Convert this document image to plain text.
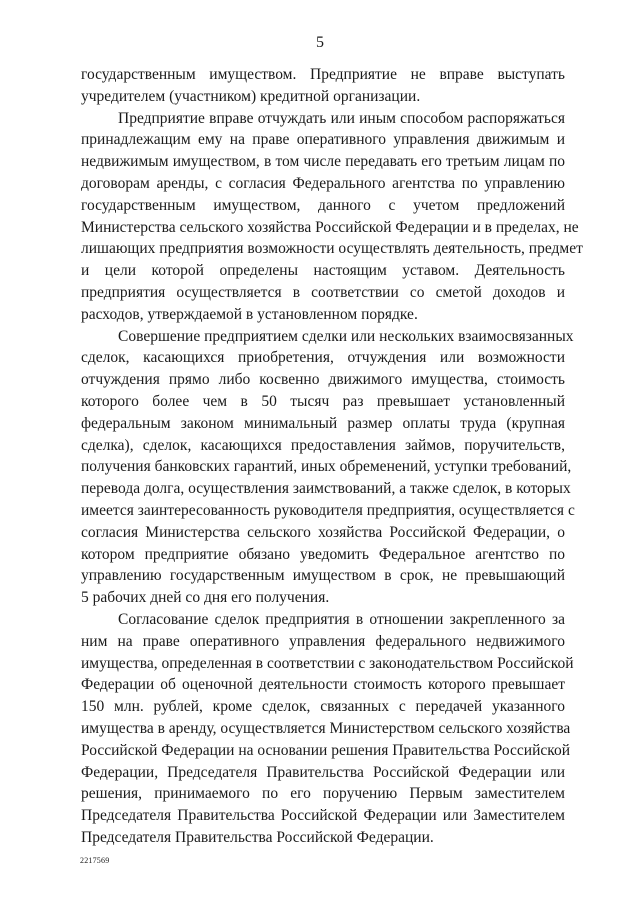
5

государственным имуществом. Предприятие не вправе выступать
учредителем (участником) кредитной организации.

Предприятие вправе отчуждать или иным способом распоряжаться
принадлежащим ему на праве оперативного управления движимым и
недвижимым имуществом, в том числе передавать его третьим лицам по
договорам аренды, с согласия Федерального агентства по управлению
государственным имуществом, данного с учетом предложений
Министерства сельского хозяйства Российской Федерации и в пределах, не
лишающих предприятия возможности осуществлять деятельность, предмет
и цели которой определены настоящим уставом. Деятельность
предприятия осуществляется в соответствии со сметой доходов и
расходов, утверждаемой в установленном порядке.

Совершение предприятием сделки или нескольких взаимосвязанных
сделок, касающихся приобретения, отчуждения или возможности
отчуждения прямо либо косвенно движимого имущества, стоимость
которого более чем в 50 тысяч раз превышает установленный
федеральным законом минимальный размер оплаты труда (крупная
сделка), сделок, касающихся предоставления займов, поручительств,
получения банковских гарантий, иных обременений, уступки требований,
перевода долга, осуществления заимствований, а также сделок, в которых
имеется заинтересованность руководителя предприятия, осуществляется с
согласия Министерства сельского хозяйства Российской Федерации, о
котором предприятие обязано уведомить Федеральное агентство по
управлению государственным имуществом в срок, не превышающий
5 рабочих дней со дня его получения.

Согласование сделок предприятия в отношении закрепленного за
ним на праве оперативного управления федерального недвижимого
имущества, определенная в соответствии с законодательством Российской
Федерации об оценочной деятельности стоимость которого превышает
150 млн. рублей, кроме сделок, связанных с передачей указанного
имущества в аренду, осуществляется Министерством сельского хозяйства
Российской Федерации на основании решения Правительства Российской
Федерации, Председателя Правительства Российской Федерации или
решения, принимаемого по его поручению Первым заместителем
Председателя Правительства Российской Федерации или Заместителем
Председателя Правительства Российской Федерации.

2217569
